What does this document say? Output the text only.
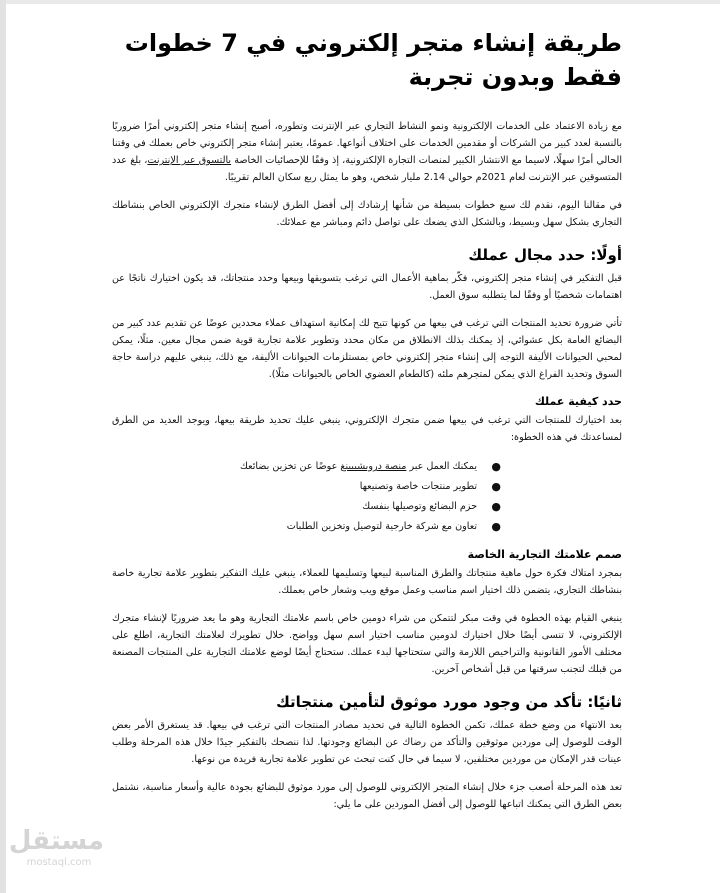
طريقة إنشاء متجر إلكتروني في 7 خطوات فقط وبدون تجربة

مع زيادة الاعتماد على الخدمات الإلكترونية ونمو النشاط التجاري عبر الإنترنت وتطوره، أصبح إنشاء متجر إلكتروني أمرًا ضروريًا بالنسبة لعدد كبير من الشركات أو مقدمين الخدمات على اختلاف أنواعها. عمومًا، يعتبر إنشاء متجر إلكتروني خاص بعملك في وقتنا الحالي أمرًا سهلًا، لاسيما مع الانتشار الكبير لمنصات التجارة الإلكترونية، إذ وفقًا للإحصائيات الخاصة بالتسوق عبر الإنترنت، بلغ عدد المتسوقين عبر الإنترنت لعام 2021م حوالي 2.14 مليار شخص، وهو ما يمثل ربع سكان العالم تقريبًا.

في مقالنا اليوم، نقدم لك سبع خطوات بسيطة من شأنها إرشادك إلى أفضل الطرق لإنشاء متجرك الإلكتروني الخاص بنشاطك التجاري بشكل سهل وبسيط، وبالشكل الذي يضعك على تواصل دائم ومباشر مع عملائك.

أولًا: حدد مجال عملك

قبل التفكير في إنشاء متجر إلكتروني، فكّر بماهية الأعمال التي ترغب بتسويقها وبيعها وحدد منتجاتك، قد يكون اختيارك ناتجًا عن اهتمامات شخصيًا أو وفقًا لما يتطلبه سوق العمل.

تأتي ضرورة تحديد المنتجات التي ترغب في بيعها من كونها تتيح لك إمكانية استهداف عملاء محددين عوضًا عن تقديم عدد كبير من البضائع العامة بكل عشوائي، إذ يمكنك بذلك الانطلاق من مكان محدد وتطوير علامة تجارية قوية ضمن مجال معين. مثلًا، يمكن لمحبي الحيوانات الأليفة التوجه إلى إنشاء متجر إلكتروني خاص بمستلزمات الحيوانات الأليفة، مع ذلك، ينبغي عليهم دراسة حاجة السوق وتحديد الفراغ الذي يمكن لمتجرهم ملئه (كالطعام العضوي الخاص بالحيوانات مثلًا).

حدد كيفية عملك

بعد اختيارك للمنتجات التي ترغب في بيعها ضمن متجرك الإلكتروني، ينبغي عليك تحديد طريقة بيعها، ويوجد العديد من الطرق لمساعدتك في هذه الخطوة:

●
يمكنك العمل عبر منصة دروبشيبينغ عوضًا عن تخزين بضائعك
●
تطوير منتجات خاصة وتصنيعها
●
حزم البضائع وتوصيلها بنفسك
●
تعاون مع شركة خارجية لتوصيل وتخزين الطلبات
صمم علامتك التجارية الخاصة

بمجرد امتلاك فكرة حول ماهية منتجاتك والطرق المناسبة لبيعها وتسليمها للعملاء، ينبغي عليك التفكير بتطوير علامة تجارية خاصة بنشاطك التجاري، يتضمن ذلك اختيار اسم مناسب وعمل موقع ويب وشعار خاص بعملك.

ينبغي القيام بهذه الخطوة في وقت مبكر لتتمكن من شراء دومين خاص باسم علامتك التجارية وهو ما يعد ضروريًا لإنشاء متجرك الإلكتروني، لا تنسى أيضًا خلال اختيارك لدومين مناسب اختيار اسم سهل وواضح. خلال تطويرك لعلامتك التجارية، اطلع على مختلف الأمور القانونية والتراخيص اللازمة والتي ستحتاجها لبدء عملك. ستحتاج أيضًا لوضع علامتك التجارية على المنتجات المصنعة من قبلك لتجنب سرقتها من قبل أشخاص آخرين.

ثانيًا: تأكد من وجود مورد موثوق لتأمين منتجاتك

بعد الانتهاء من وضع خطة عملك، تكمن الخطوة التالية في تحديد مصادر المنتجات التي ترغب في بيعها. قد يستغرق الأمر بعض الوقت للوصول إلى موردين موثوقين والتأكد من رضاك عن البضائع وجودتها. لذا ننصحك بالتفكير جيدًا خلال هذه المرحلة وطلب عينات قدر الإمكان من موردين مختلفين، لا سيما في حال كنت تبحث عن تطوير علامة تجارية فريدة من نوعها.

تعد هذه المرحلة أصعب جزء خلال إنشاء المتجر الإلكتروني للوصول إلى مورد موثوق للبضائع بجودة عالية وأسعار مناسبة، نشتمل بعض الطرق التي يمكنك اتباعها للوصول إلى أفضل الموردين على ما يلي:

مستقل
mostaql.com
